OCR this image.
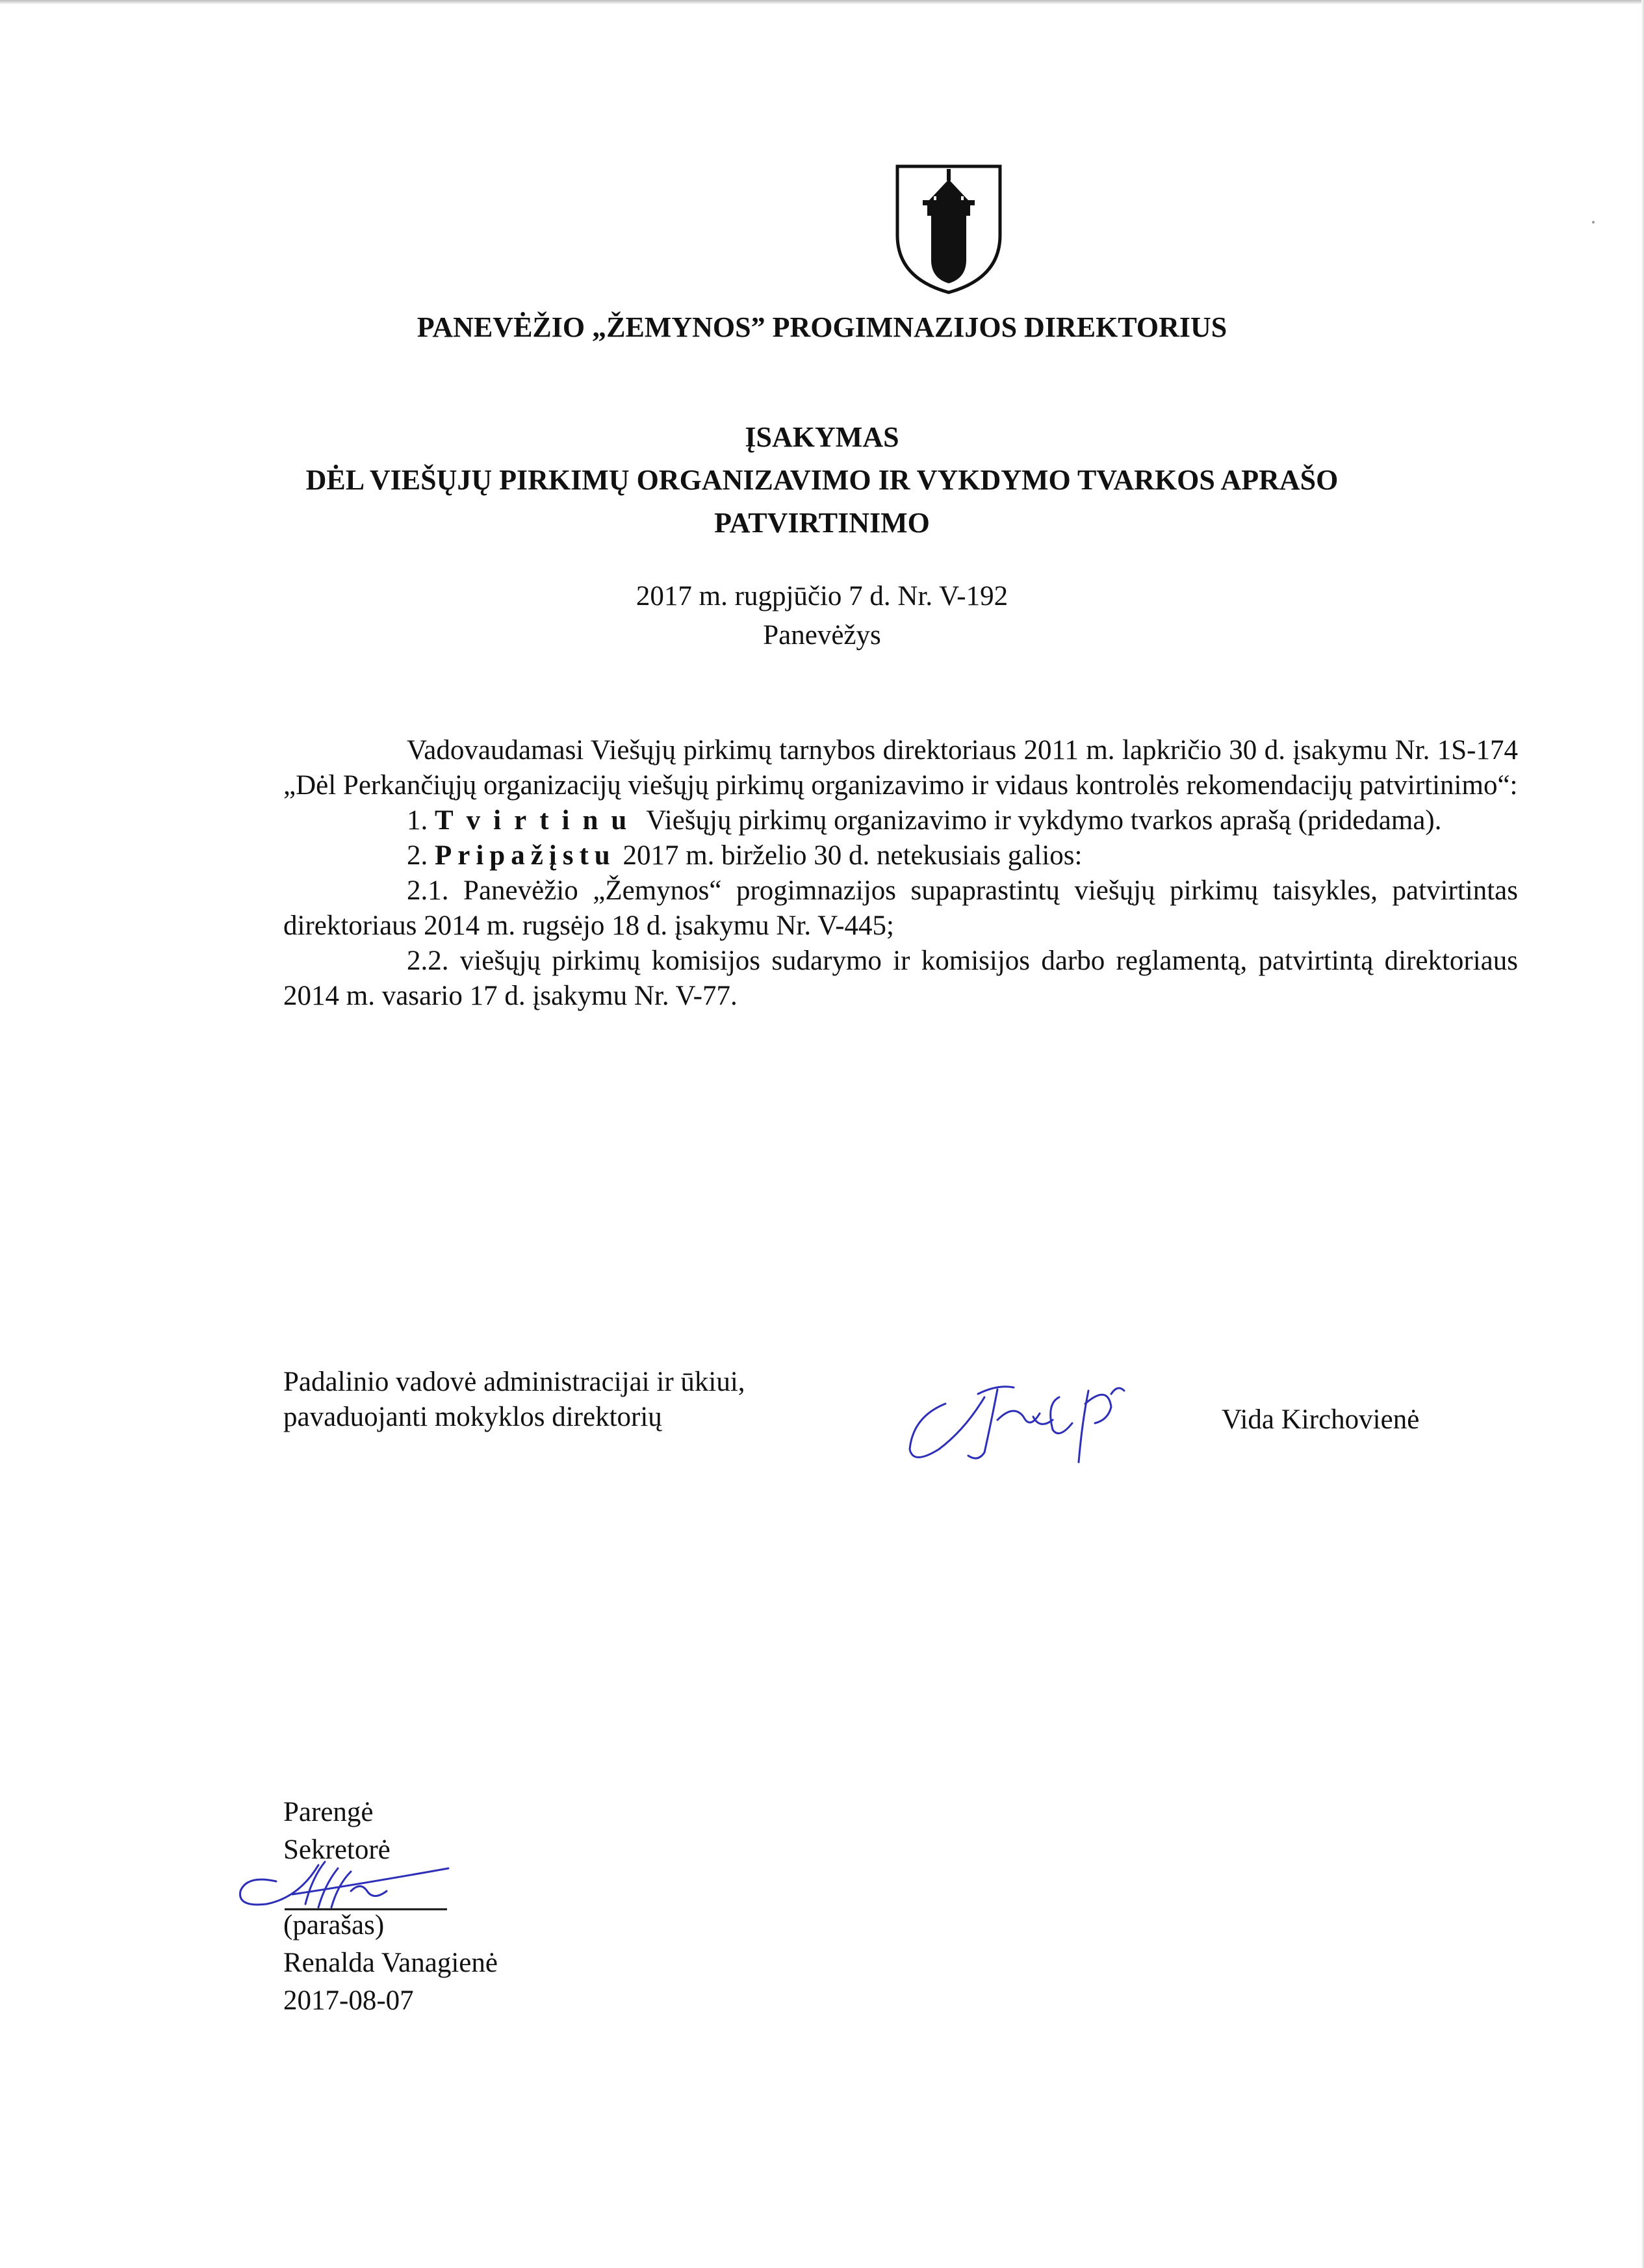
PANEVĖŽIO „ŽEMYNOS” PROGIMNAZIJOS DIREKTORIUS
ĮSAKYMAS
DĖL VIEŠŲJŲ PIRKIMŲ ORGANIZAVIMO IR VYKDYMO TVARKOS APRAŠO
PATVIRTINIMO
2017 m. rugpjūčio 7 d. Nr. V-192
Panevėžys
Vadovaudamasi Viešųjų pirkimų tarnybos direktoriaus 2011 m. lapkričio 30 d. įsakymu Nr. 1S-174 „Dėl Perkančiųjų organizacijų viešųjų pirkimų organizavimo ir vidaus kontrolės rekomendacijų patvirtinimo“:
1. Tvirtinu Viešųjų pirkimų organizavimo ir vykdymo tvarkos aprašą (pridedama).
2. Pripažįstu 2017 m. birželio 30 d. netekusiais galios:
2.1. Panevėžio „Žemynos“ progimnazijos supaprastintų viešųjų pirkimų taisykles, patvirtintas direktoriaus 2014 m. rugsėjo 18 d. įsakymu Nr. V-445;
2.2. viešųjų pirkimų komisijos sudarymo ir komisijos darbo reglamentą, patvirtintą direktoriaus 2014 m. vasario 17 d. įsakymu Nr. V-77.
Padalinio vadovė administracijai ir ūkiui,
pavaduojanti mokyklos direktorių	Vida Kirchovienė
Parengė
Sekretorė
(parašas)
Renalda Vanagienė
2017-08-07
